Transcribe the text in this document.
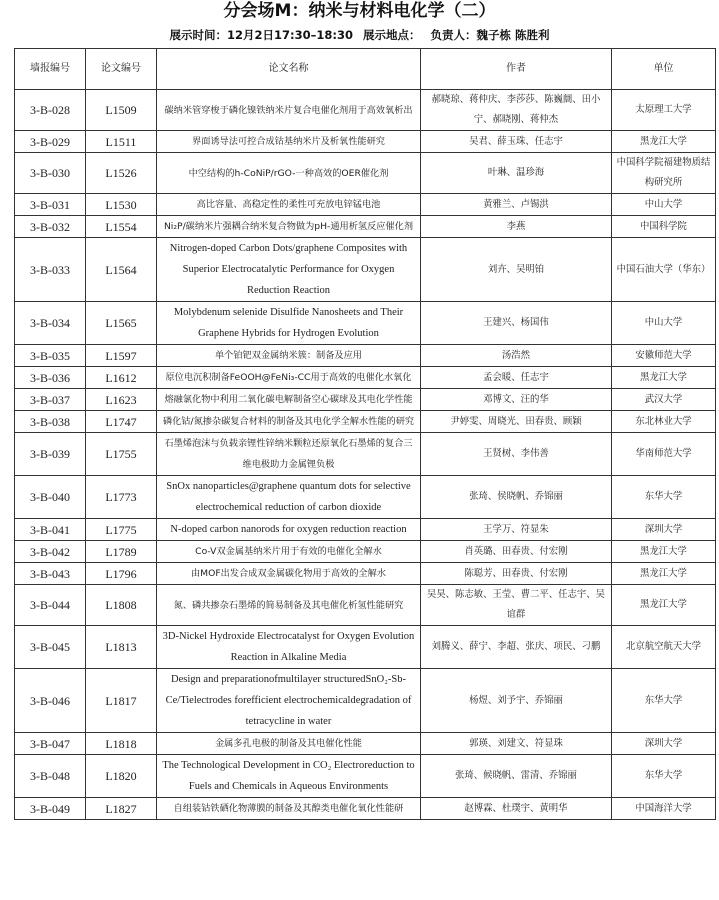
分会场M：纳米与材料电化学（二）
展示时间：12月2日17:30–18:30 展示地点： 负责人：魏子栋 陈胜利
墙报编号	论文编号	论文名称	作者	单位
3-B-028	L1509	碳纳米管穿梭于磷化镍铁纳米片复合电催化剂用于高效氧析出	郝晓琼、蒋仲庆、李莎莎、陈巍阛、田小宁、郝晓刚、蒋仲杰	太原理工大学
3-B-029	L1511	界面诱导法可控合成钴基纳米片及析氧性能研究	吴君、薛玉珠、任志宇	黑龙江大学
3-B-030	L1526	中空结构的h-CoNiP/rGO-一种高效的OER催化剂	叶琳、温珍海	中国科学院福建物质结构研究所
3-B-031	L1530	高比容量、高稳定性的柔性可充放电锌锰电池	黄雅兰、卢锡洪	中山大学
3-B-032	L1554	Ni₂P/碳纳米片强耦合纳米复合物做为pH-通用析氢反应催化剂	李燕	中国科学院
3-B-033	L1564	Nitrogen-doped Carbon Dots/graphene Composites with Superior Electrocatalytic Performance for Oxygen Reduction Reaction	刘卉、吴明铂	中国石油大学（华东）
3-B-034	L1565	Molybdenum selenide Disulfide Nanosheets and Their Graphene Hybrids for Hydrogen Evolution	王建兴、杨国伟	中山大学
3-B-035	L1597	单个铂钯双金属纳米簇：制备及应用	汤浩然	安徽师范大学
3-B-036	L1612	原位电沉积制备FeOOH@FeNi₃-CC用于高效的电催化水氧化	孟会暖、任志宇	黑龙江大学
3-B-037	L1623	熔融氯化物中利用二氧化碳电解制备空心碳球及其电化学性能	邓博文、汪的华	武汉大学
3-B-038	L1747	磷化钴/氮掺杂碳复合材料的制备及其电化学全解水性能的研究	尹婷雯、周晓光、田春贵、顾颖	东北林业大学
3-B-039	L1755	石墨烯泡沫与负载亲锂性锌纳米颗粒还原氧化石墨烯的复合三维电极助力金属锂负极	王贤树、李伟善	华南师范大学
3-B-040	L1773	SnOx nanoparticles@graphene quantum dots for selective electrochemical reduction of carbon dioxide	张琦、侯晓帆、乔锦丽	东华大学
3-B-041	L1775	N-doped carbon nanorods for oxygen reduction reaction	王学万、符显朱	深圳大学
3-B-042	L1789	Co-V双金属基纳米片用于有效的电催化全解水	肖英璐、田春贵、付宏刚	黑龙江大学
3-B-043	L1796	由MOF出发合成双金属碳化物用于高效的全解水	陈聪芳、田春贵、付宏刚	黑龙江大学
3-B-044	L1808	氮、磷共掺杂石墨烯的简易制备及其电催化析氢性能研究	吴昊、陈志敏、王莹、曹二平、任志宇、吴谊群	黑龙江大学
3-B-045	L1813	3D-Nickel Hydroxide Electrocatalyst for Oxygen Evolution Reaction in Alkaline Media	刘腾义、薛宁、李超、张庆、项民、刁鹏	北京航空航天大学
3-B-046	L1817	Design and preparationofmultilayer structuredSnO₂-Sb-Ce/Tielectrodes forefficient electrochemicaldegradation of tetracycline in water	杨煜、刘予宇、乔锦丽	东华大学
3-B-047	L1818	金属多孔电极的制备及其电催化性能	郭瑛、刘建文、符显珠	深圳大学
3-B-048	L1820	The Technological Development in CO₂ Electroreduction to Fuels and Chemicals in Aqueous Environments	张琦、候晓帆、雷清、乔锦丽	东华大学
3-B-049	L1827	自组装钴铁硒化物薄膜的制备及其醇类电催化氧化性能研	赵博霖、杜璞宇、黄明华	中国海洋大学
